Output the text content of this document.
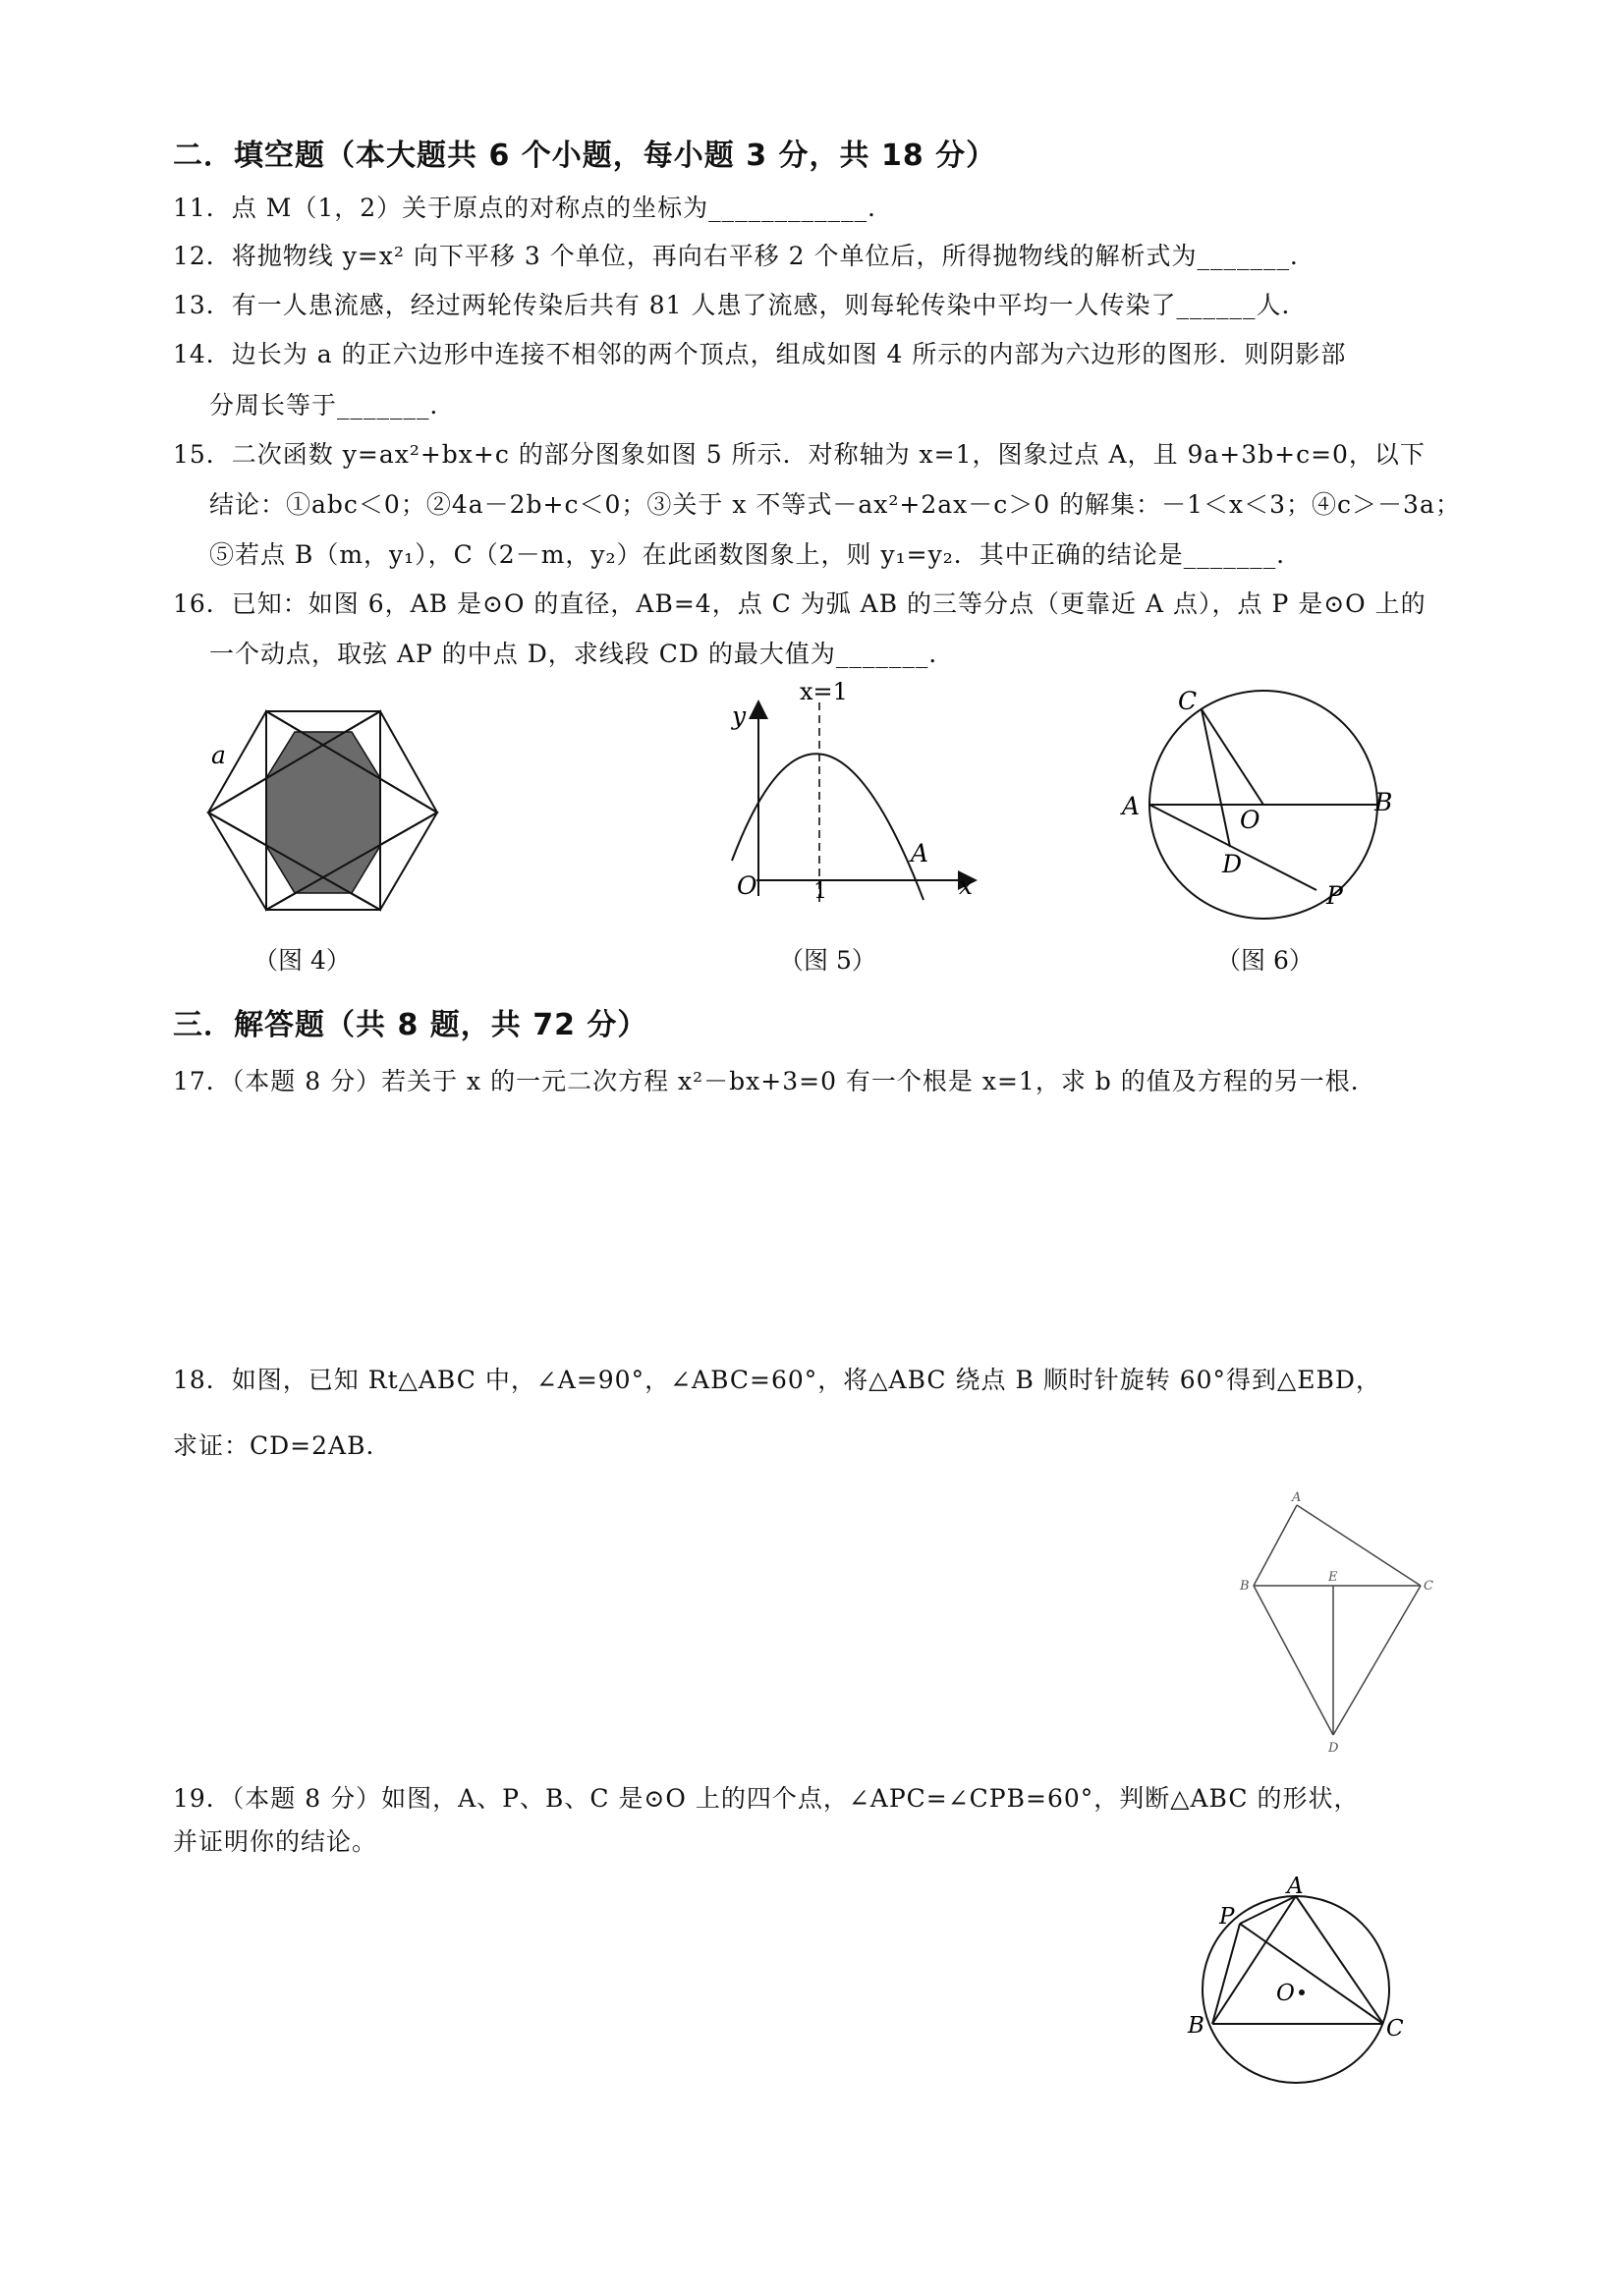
二．填空题（本大题共 6 个小题，每小题 3 分，共 18 分）
11．点 M（1，2）关于原点的对称点的坐标为____________．
12．将抛物线 y=x² 向下平移 3 个单位，再向右平移 2 个单位后，所得抛物线的解析式为_______．
13．有一人患流感，经过两轮传染后共有 81 人患了流感，则每轮传染中平均一人传染了______人．
14．边长为 a 的正六边形中连接不相邻的两个顶点，组成如图 4 所示的内部为六边形的图形．则阴影部
分周长等于_______．
15．二次函数 y=ax²+bx+c 的部分图象如图 5 所示．对称轴为 x=1，图象过点 A，且 9a+3b+c=0，以下
结论：①abc＜0；②4a－2b+c＜0；③关于 x 不等式－ax²+2ax－c＞0 的解集：－1＜x＜3；④c＞－3a；
⑤若点 B（m，y₁），C（2－m，y₂）在此函数图象上，则 y₁=y₂．其中正确的结论是_______．
16．已知：如图 6，AB 是⊙O 的直径，AB=4，点 C 为弧 AB 的三等分点（更靠近 A 点），点 P 是⊙O 上的
一个动点，取弦 AP 的中点 D，求线段 CD 的最大值为_______．
a
（图 4）
x=1
y
x
O
A
1
（图 5）
C
A	B
O
D
P
（图 6）
三．解答题（共 8 题，共 72 分）
17．（本题 8 分）若关于 x 的一元二次方程 x²－bx+3=0 有一个根是 x=1，求 b 的值及方程的另一根．
18．如图，已知 Rt△ABC 中，∠A=90°，∠ABC=60°，将△ABC 绕点 B 顺时针旋转 60°得到△EBD，
求证：CD=2AB．
A
B
E
C
D
19．（本题 8 分）如图，A、P、B、C 是⊙O 上的四个点，∠APC=∠CPB=60°，判断△ABC 的形状，
并证明你的结论。
A
P
B	C
O
